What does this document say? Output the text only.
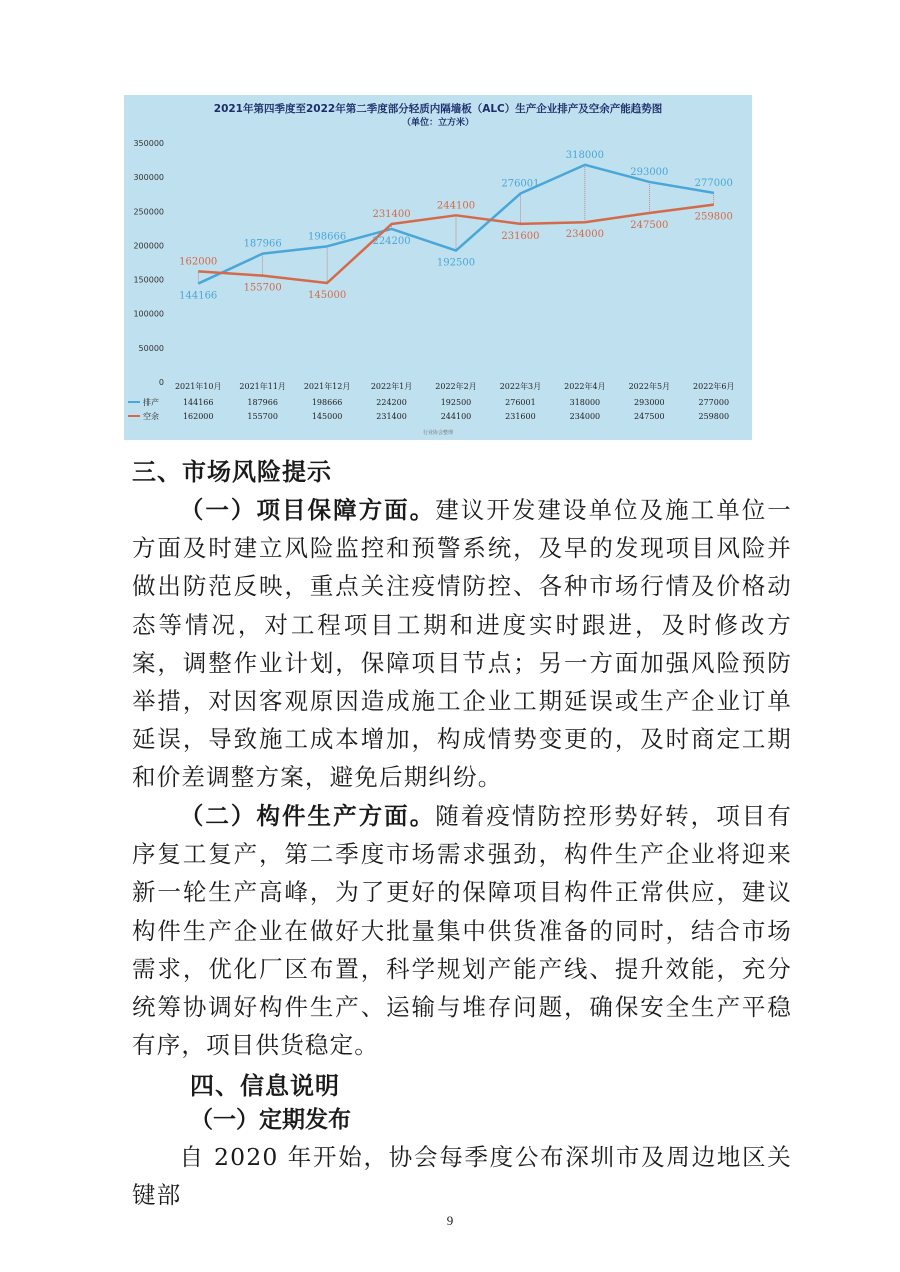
2021年第四季度至2022年第二季度部分轻质内隔墙板（ALC）生产企业排产及空余产能趋势图
（单位：立方米）
350000
300000
250000
200000
150000
100000
50000
0
144166
162000
187966
155700
198666
145000
224200
231400
192500
244100
276001
231600
318000
234000
293000
247500
277000
259800
2021年10月 2021年11月 2021年12月	2022年1月	2022年2月	2022年3月	2022年4月	2022年5月	2022年6月
排产	144166	187966	198666	224200	192500	276001	318000	293000	277000
空余	162000	155700	145000	231400	244100	231600	234000	247500	259800
行业协会整理
三、市场风险提示

（一）项目保障方面。建议开发建设单位及施工单位一方面及时建立风险监控和预警系统，及早的发现项目风险并做出防范反映，重点关注疫情防控、各种市场行情及价格动态等情况，对工程项目工期和进度实时跟进，及时修改方案，调整作业计划，保障项目节点；另一方面加强风险预防举措，对因客观原因造成施工企业工期延误或生产企业订单延误，导致施工成本增加，构成情势变更的，及时商定工期和价差调整方案，避免后期纠纷。

（二）构件生产方面。随着疫情防控形势好转，项目有序复工复产，第二季度市场需求强劲，构件生产企业将迎来新一轮生产高峰，为了更好的保障项目构件正常供应，建议构件生产企业在做好大批量集中供货准备的同时，结合市场需求，优化厂区布置，科学规划产能产线、提升效能，充分统筹协调好构件生产、运输与堆存问题，确保安全生产平稳有序，项目供货稳定。

四、信息说明
（一）定期发布

自 2020 年开始，协会每季度公布深圳市及周边地区关键部

9
